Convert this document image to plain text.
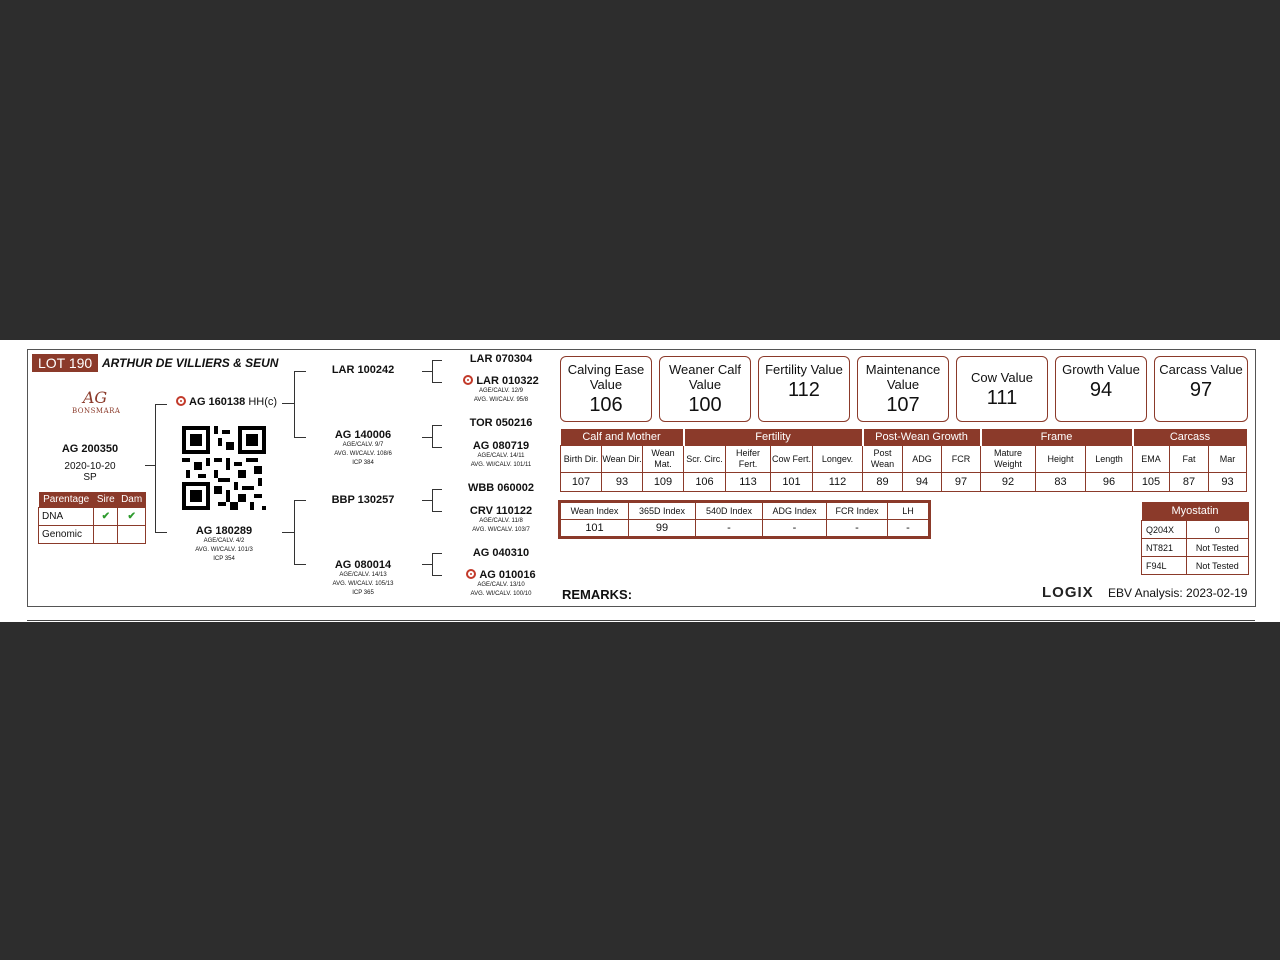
LOT 190 ARTHUR DE VILLIERS & SEUN
AG
BONSMARA
AG 200350
2020-10-20
SP
Parentage	Sire	Dam
DNA	✔	✔
Genomic		
AG 160138 HH(c)
AG 180289
AGE/CALV. 4/2
AVG. WI/CALV. 101/3
ICP 354
LAR 100242
AG 140006
AGE/CALV. 9/7
AVG. WI/CALV. 108/6
ICP 384
BBP 130257
AG 080014
AGE/CALV. 14/13
AVG. WI/CALV. 105/13
ICP 365
LAR 070304
LAR 010322
AGE/CALV. 12/9
AVG. WI/CALV. 95/8
TOR 050216
AG 080719
AGE/CALV. 14/11
AVG. WI/CALV. 101/11
WBB 060002
CRV 110122
AGE/CALV. 11/8
AVG. WI/CALV. 103/7
AG 040310
AG 010016
AGE/CALV. 13/10
AVG. WI/CALV. 100/10
Calving Ease Value
106
Weaner Calf Value
100
Fertility Value
112
Maintenance Value
107
Cow Value
111
Growth Value
94
Carcass Value
97
Calf and Mother			Fertility				Post-Wean Growth			Frame			Carcass		
Birth Dir.	Wean Dir.	Wean Mat.	Scr. Circ.	Heifer Fert.	Cow Fert.	Longev.	Post Wean	ADG	FCR	Mature Weight	Height	Length	EMA	Fat	Mar
107	93	109	106	113	101	112	89	94	97	92	83	96	105	87	93
Wean Index	365D Index	540D Index	ADG Index	FCR Index	LH
101	99	-	-	-	-
Myostatin	
Q204X	0
NT821	Not Tested
F94L	Not Tested
REMARKS:	LOGIX EBV Analysis: 2023-02-19
